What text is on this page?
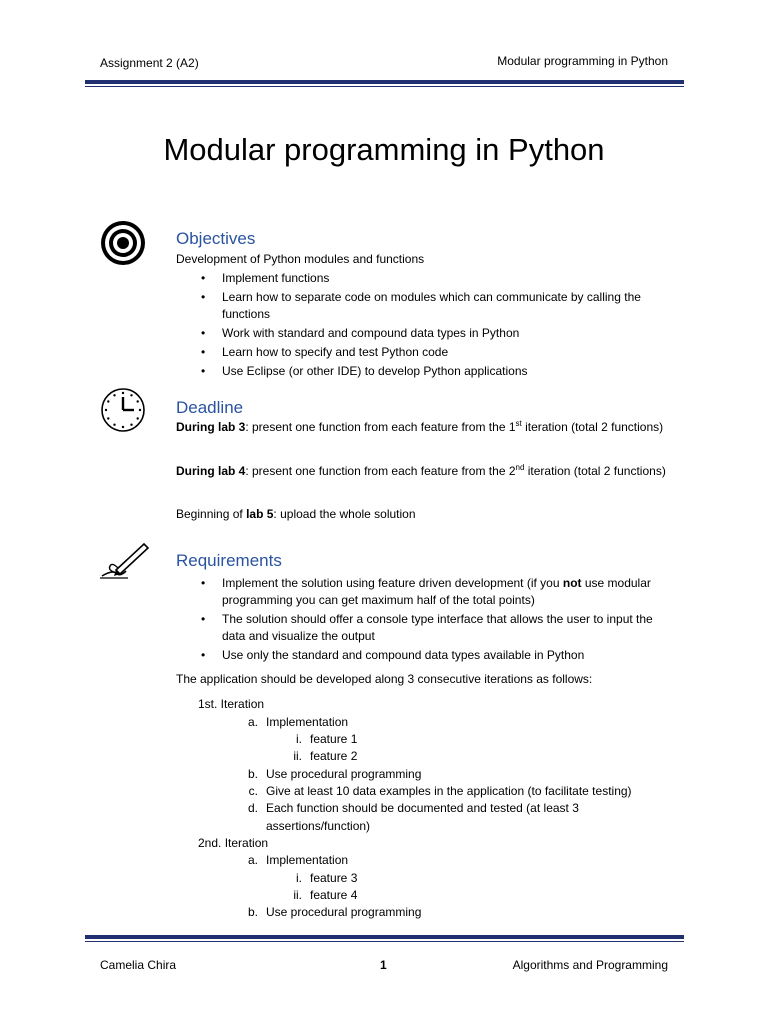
Assignment 2 (A2)	Modular programming in Python
Modular programming in Python
Objectives
Development of Python modules and functions
• Implement functions
• Learn how to separate code on modules which can communicate by calling the functions
• Work with standard and compound data types in Python
• Learn how to specify and test Python code
• Use Eclipse (or other IDE) to develop Python applications
Deadline
During lab 3: present one function from each feature from the 1st iteration (total 2 functions)
During lab 4: present one function from each feature from the 2nd iteration (total 2 functions)
Beginning of lab 5: upload the whole solution
Requirements
• Implement the solution using feature driven development (if you not use modular programming you can get maximum half of the total points)
• The solution should offer a console type interface that allows the user to input the data and visualize the output
• Use only the standard and compound data types available in Python
The application should be developed along 3 consecutive iterations as follows:
1st. Iteration
a. Implementation
i. feature 1
ii. feature 2
b. Use procedural programming
c. Give at least 10 data examples in the application (to facilitate testing)
d. Each function should be documented and tested (at least 3
assertions/function)
2nd. Iteration
a. Implementation
i. feature 3
ii. feature 4
b. Use procedural programming
Camelia Chira	1	Algorithms and Programming
